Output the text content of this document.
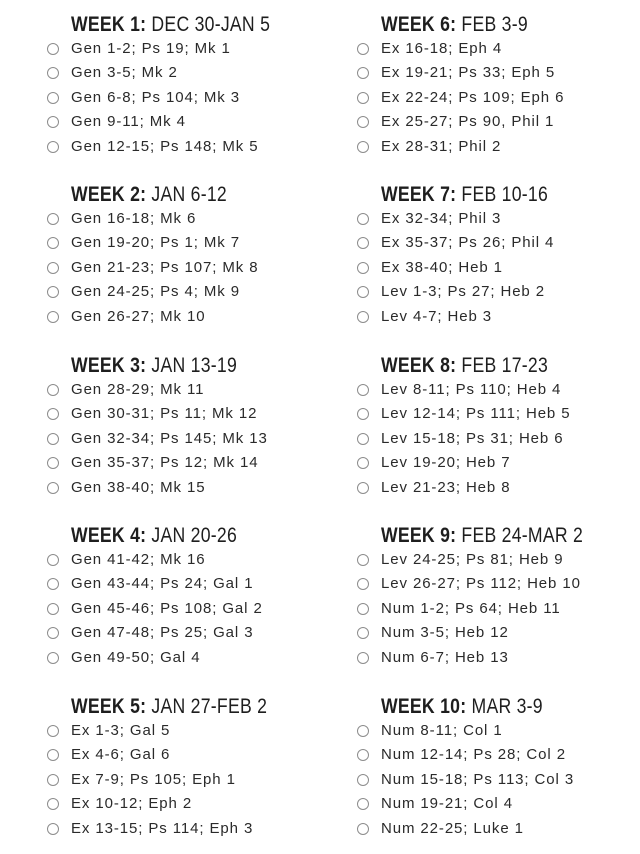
WEEK 1: DEC 30-JAN 5
Gen 1-2; Ps 19; Mk 1
Gen 3-5; Mk 2
Gen 6-8; Ps 104; Mk 3
Gen 9-11; Mk 4
Gen 12-15; Ps 148; Mk 5
WEEK 2: JAN 6-12
Gen 16-18; Mk 6
Gen 19-20; Ps 1; Mk 7
Gen 21-23; Ps 107; Mk 8
Gen 24-25; Ps 4; Mk 9
Gen 26-27; Mk 10
WEEK 3: JAN 13-19
Gen 28-29; Mk 11
Gen 30-31; Ps 11; Mk 12
Gen 32-34; Ps 145; Mk 13
Gen 35-37; Ps 12; Mk 14
Gen 38-40; Mk 15
WEEK 4: JAN 20-26
Gen 41-42; Mk 16
Gen 43-44; Ps 24; Gal 1
Gen 45-46; Ps 108; Gal 2
Gen 47-48; Ps 25; Gal 3
Gen 49-50; Gal 4
WEEK 5: JAN 27-FEB 2
Ex 1-3; Gal 5
Ex 4-6; Gal 6
Ex 7-9; Ps 105; Eph 1
Ex 10-12; Eph 2
Ex 13-15; Ps 114; Eph 3
WEEK 6: FEB 3-9
Ex 16-18; Eph 4
Ex 19-21; Ps 33; Eph 5
Ex 22-24; Ps 109; Eph 6
Ex 25-27; Ps 90, Phil 1
Ex 28-31; Phil 2
WEEK 7: FEB 10-16
Ex 32-34; Phil 3
Ex 35-37; Ps 26; Phil 4
Ex 38-40; Heb 1
Lev 1-3; Ps 27; Heb 2
Lev 4-7; Heb 3
WEEK 8: FEB 17-23
Lev 8-11; Ps 110; Heb 4
Lev 12-14; Ps 111; Heb 5
Lev 15-18; Ps 31; Heb 6
Lev 19-20; Heb 7
Lev 21-23; Heb 8
WEEK 9: FEB 24-MAR 2
Lev 24-25; Ps 81; Heb 9
Lev 26-27; Ps 112; Heb 10
Num 1-2; Ps 64; Heb 11
Num 3-5; Heb 12
Num 6-7; Heb 13
WEEK 10: MAR 3-9
Num 8-11; Col 1
Num 12-14; Ps 28; Col 2
Num 15-18; Ps 113; Col 3
Num 19-21; Col 4
Num 22-25; Luke 1
